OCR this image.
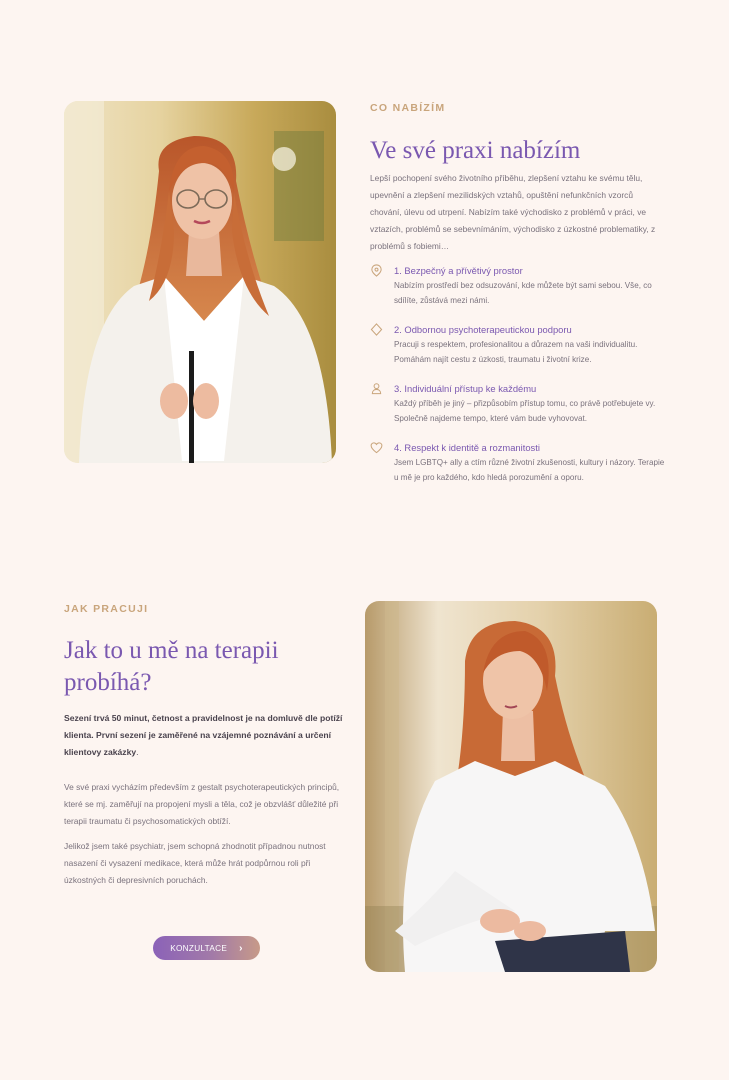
CO NABÍZÍM
Ve své praxi nabízím
Lepší pochopení svého životního příběhu, zlepšení vztahu ke svému tělu, upevnění a zlepšení mezilidských vztahů, opuštění nefunkčních vzorců chování, úlevu od utrpení. Nabízím také východisko z problémů v práci, ve vztazích, problémů se sebevnímáním, východisko z úzkostné problematiky, z problémů s fobiemi…
1. Bezpečný a přívětivý prostor
Nabízím prostředí bez odsuzování, kde můžete být sami sebou. Vše, co sdílíte, zůstává mezi námi.
2. Odbornou psychoterapeutickou podporu
Pracuji s respektem, profesionalitou a důrazem na vaši individualitu. Pomáhám najít cestu z úzkosti, traumatu i životní krize.
3. Individuální přístup ke každému
Každý příběh je jiný – přizpůsobím přístup tomu, co právě potřebujete vy. Společně najdeme tempo, které vám bude vyhovovat.
4. Respekt k identitě a rozmanitosti
Jsem LGBTQ+ ally a ctím různé životní zkušenosti, kultury i názory. Terapie u mě je pro každého, kdo hledá porozumění a oporu.
JAK PRACUJI
Jak to u mě na terapii
probíhá?
Sezení trvá 50 minut, četnost a pravidelnost je na domluvě dle potíží klienta. První sezení je zaměřené na vzájemné poznávání a určení klientovy zakázky.
Ve své praxi vycházím především z gestalt psychoterapeutických principů, které se mj. zaměřují na propojení mysli a těla, což je obzvlášť důležité při terapii traumatu či psychosomatických obtíží.
Jelikož jsem také psychiatr, jsem schopná zhodnotit případnou nutnost nasazení či vysazení medikace, která může hrát podpůrnou roli při úzkostných či depresivních poruchách.
KONZULTACE ›
